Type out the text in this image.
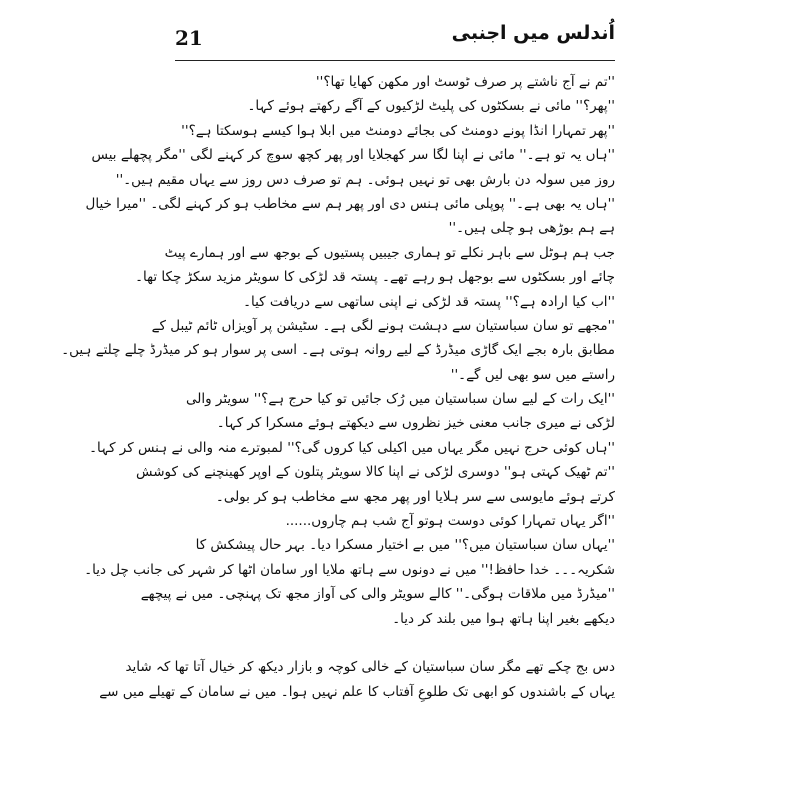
21	اُندلس میں اجنبی
''تم نے آج ناشتے پر صرف ٹوسٹ اور مکھن کھایا تھا؟''
''پھر؟'' مائی نے بسکٹوں کی پلیٹ لڑکیوں کے آگے رکھتے ہوئے کہا۔
''پھر تمہارا انڈا پونے دومنٹ کی بجائے دومنٹ میں ابلا ہوا کیسے ہوسکتا ہے؟''
''ہاں یہ تو ہے۔'' مائی نے اپنا لگا سر کھجلایا اور پھر کچھ سوچ کر کہنے لگی ''مگر پچھلے بیس
روز میں سولہ دن بارش بھی تو نہیں ہوئی۔ ہم تو صرف دس روز سے یہاں مقیم ہیں۔''
''ہاں یہ بھی ہے۔'' پوپلی مائی ہنس دی اور پھر ہم سے مخاطب ہو کر کہنے لگی۔ ''میرا خیال
ہے ہم بوڑھی ہو چلی ہیں۔''
جب ہم ہوٹل سے باہر نکلے تو ہماری جیبیں پستیوں کے بوجھ سے اور ہمارے پیٹ
چائے اور بسکٹوں سے بوجھل ہو رہے تھے۔ پستہ قد لڑکی کا سویٹر مزید سکڑ چکا تھا۔
''اب کیا ارادہ ہے؟'' پستہ قد لڑکی نے اپنی ساتھی سے دریافت کیا۔
''مجھے تو سان سباستیان سے دہشت ہونے لگی ہے۔ سٹیشن پر آویزاں ٹائم ٹیبل کے
مطابق بارہ بجے ایک گاڑی میڈرڈ کے لیے روانہ ہوتی ہے۔ اسی پر سوار ہو کر میڈرڈ چلے چلتے ہیں۔
راستے میں سو بھی لیں گے۔''
''ایک رات کے لیے سان سباستیان میں رُک جائیں تو کیا حرج ہے؟'' سویٹر والی
لڑکی نے میری جانب معنی خیز نظروں سے دیکھتے ہوئے مسکرا کر کہا۔
''ہاں کوئی حرج نہیں مگر یہاں میں اکیلی کیا کروں گی؟'' لمبوترے منہ والی نے ہنس کر کہا۔
''تم ٹھیک کہتی ہو'' دوسری لڑکی نے اپنا کالا سویٹر پتلون کے اوپر کھینچنے کی کوشش
کرتے ہوئے مایوسی سے سر ہلایا اور پھر مجھ سے مخاطب ہو کر بولی۔
''اگر یہاں تمہارا کوئی دوست ہوتو آج شب ہم چاروں......
''یہاں سان سباستیان میں؟'' میں بے اختیار مسکرا دیا۔ بہر حال پیشکش کا
شکریہ۔۔۔ خدا حافظ!'' میں نے دونوں سے ہاتھ ملایا اور سامان اٹھا کر شہر کی جانب چل دیا۔
''میڈرڈ میں ملاقات ہوگی۔'' کالے سویٹر والی کی آواز مجھ تک پہنچی۔ میں نے پیچھے
دیکھے بغیر اپنا ہاتھ ہوا میں بلند کر دیا۔
دس بج چکے تھے مگر سان سباستیان کے خالی کوچہ و بازار دیکھ کر خیال آتا تھا کہ شاید
یہاں کے باشندوں کو ابھی تک طلوعِ آفتاب کا علم نہیں ہوا۔ میں نے سامان کے تھیلے میں سے
